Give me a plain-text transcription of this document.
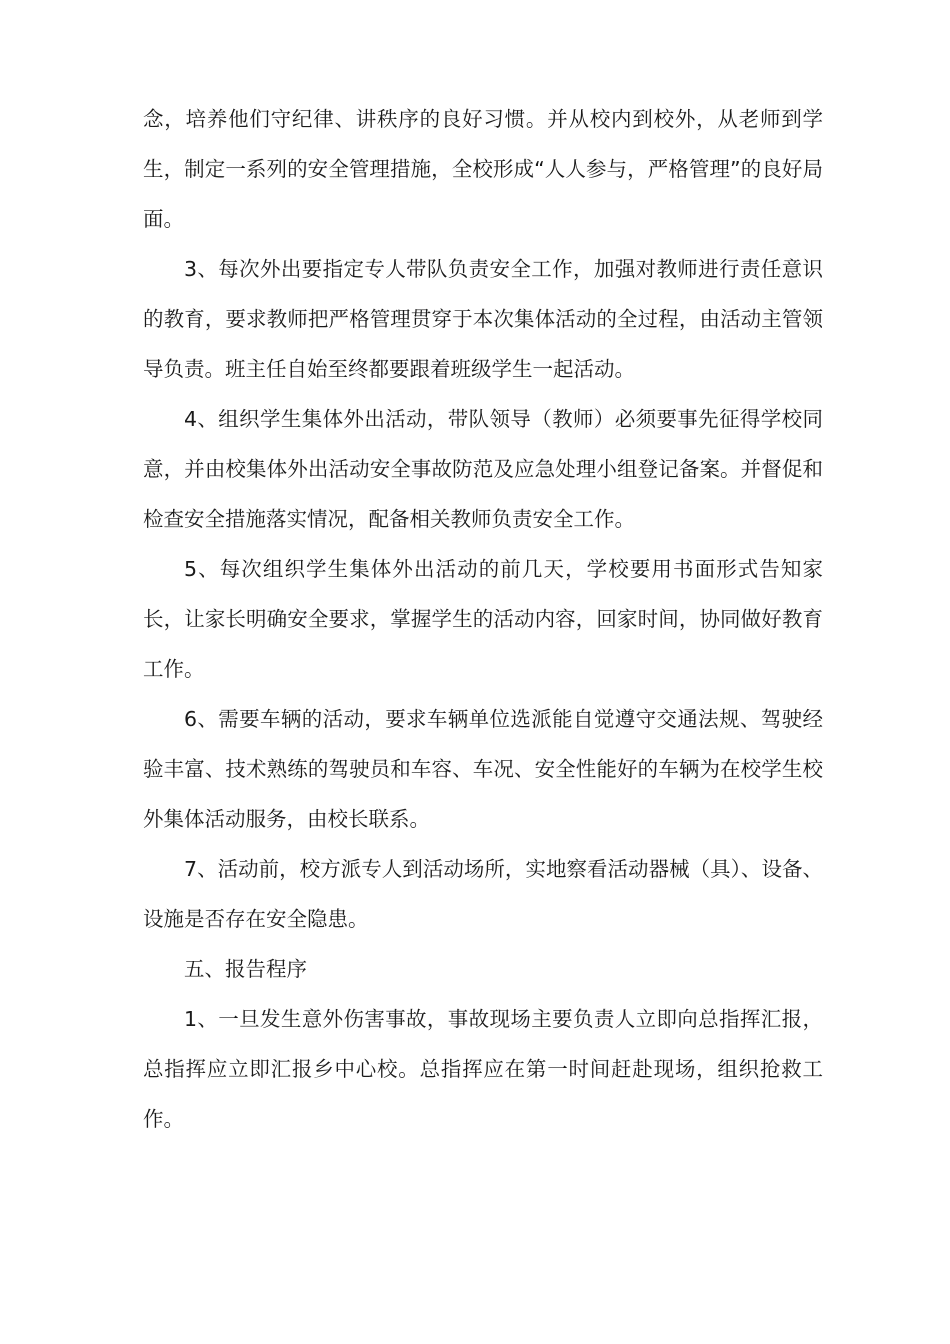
念，培养他们守纪律、讲秩序的良好习惯。并从校内到校外，从老师到学生，制定一系列的安全管理措施，全校形成“人人参与，严格管理”的良好局面。

3、每次外出要指定专人带队负责安全工作，加强对教师进行责任意识的教育，要求教师把严格管理贯穿于本次集体活动的全过程，由活动主管领导负责。班主任自始至终都要跟着班级学生一起活动。

4、组织学生集体外出活动，带队领导（教师）必须要事先征得学校同意，并由校集体外出活动安全事故防范及应急处理小组登记备案。并督促和检查安全措施落实情况，配备相关教师负责安全工作。

5、每次组织学生集体外出活动的前几天，学校要用书面形式告知家长，让家长明确安全要求，掌握学生的活动内容，回家时间，协同做好教育工作。

6、需要车辆的活动，要求车辆单位选派能自觉遵守交通法规、驾驶经验丰富、技术熟练的驾驶员和车容、车况、安全性能好的车辆为在校学生校外集体活动服务，由校长联系。

7、活动前，校方派专人到活动场所，实地察看活动器械（具）、设备、设施是否存在安全隐患。

五、报告程序

1、一旦发生意外伤害事故，事故现场主要负责人立即向总指挥汇报，总指挥应立即汇报乡中心校。总指挥应在第一时间赶赴现场，组织抢救工作。
